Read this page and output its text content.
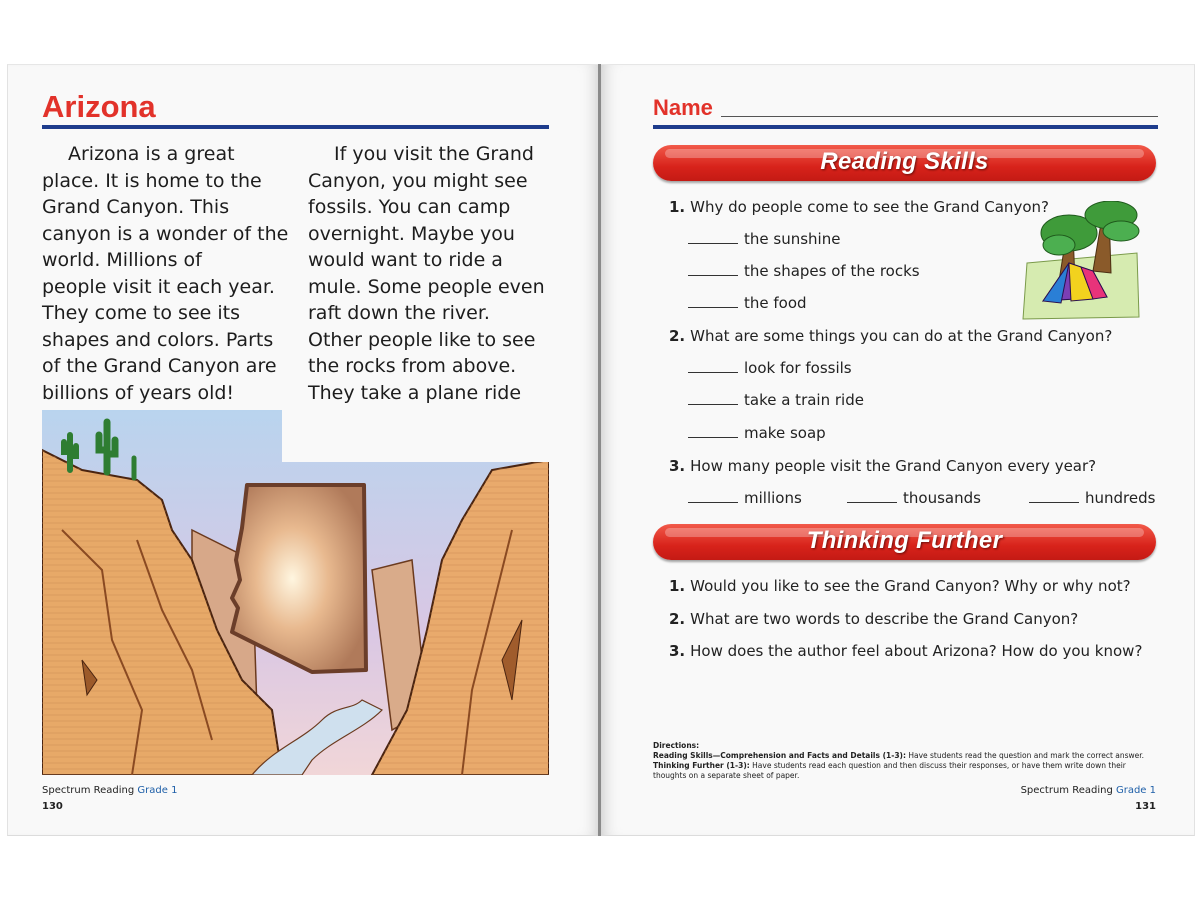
Arizona
Arizona is a great
place. It is home to the
Grand Canyon. This
canyon is a wonder of the
world. Millions of
people visit it each year.
They come to see its
shapes and colors. Parts
of the Grand Canyon are
billions of years old!
If you visit the Grand
Canyon, you might see
fossils. You can camp
overnight. Maybe you
would want to ride a
mule. Some people even
raft down the river.
Other people like to see
the rocks from above.
They take a plane ride
Spectrum Reading Grade 1
130
Name
Reading Skills
1. Why do people come to see the Grand Canyon?
the sunshine
the shapes of the rocks
the food
2. What are some things you can do at the Grand Canyon?
look for fossils
take a train ride
make soap
3. How many people visit the Grand Canyon every year?
millions	thousands	hundreds
Thinking Further
1. Would you like to see the Grand Canyon? Why or why not?
2. What are two words to describe the Grand Canyon?
3. How does the author feel about Arizona? How do you know?
Directions:
Reading Skills—Comprehension and Facts and Details (1-3): Have students read the question and mark the correct answer.
Thinking Further (1-3): Have students read each question and then discuss their responses, or have them write down their thoughts on a separate sheet of paper.
Spectrum Reading Grade 1
131
